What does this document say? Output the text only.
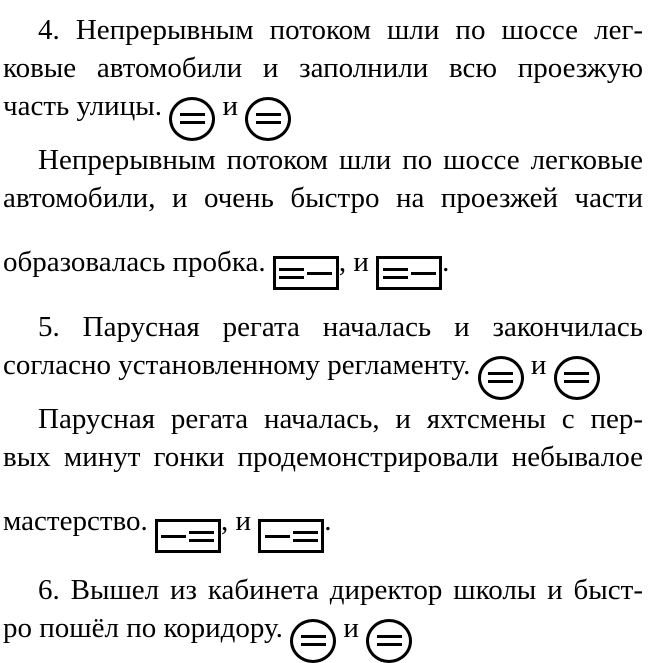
4. Непрерывным потоком шли по шоссе лег-
ковые автомобили и заполнили всю проезжую
часть улицы.
и
Непрерывным потоком шли по шоссе легковые
автомобили, и очень быстро на проезжей части
образовалась пробка.
, и
.
5. Парусная регата началась и закончилась
согласно установленному регламенту.
и
Парусная регата началась, и яхтсмены с пер-
вых минут гонки продемонстрировали небывалое
мастерство.
, и
.
6. Вышел из кабинета директор школы и быст-
ро пошёл по коридору.
и
